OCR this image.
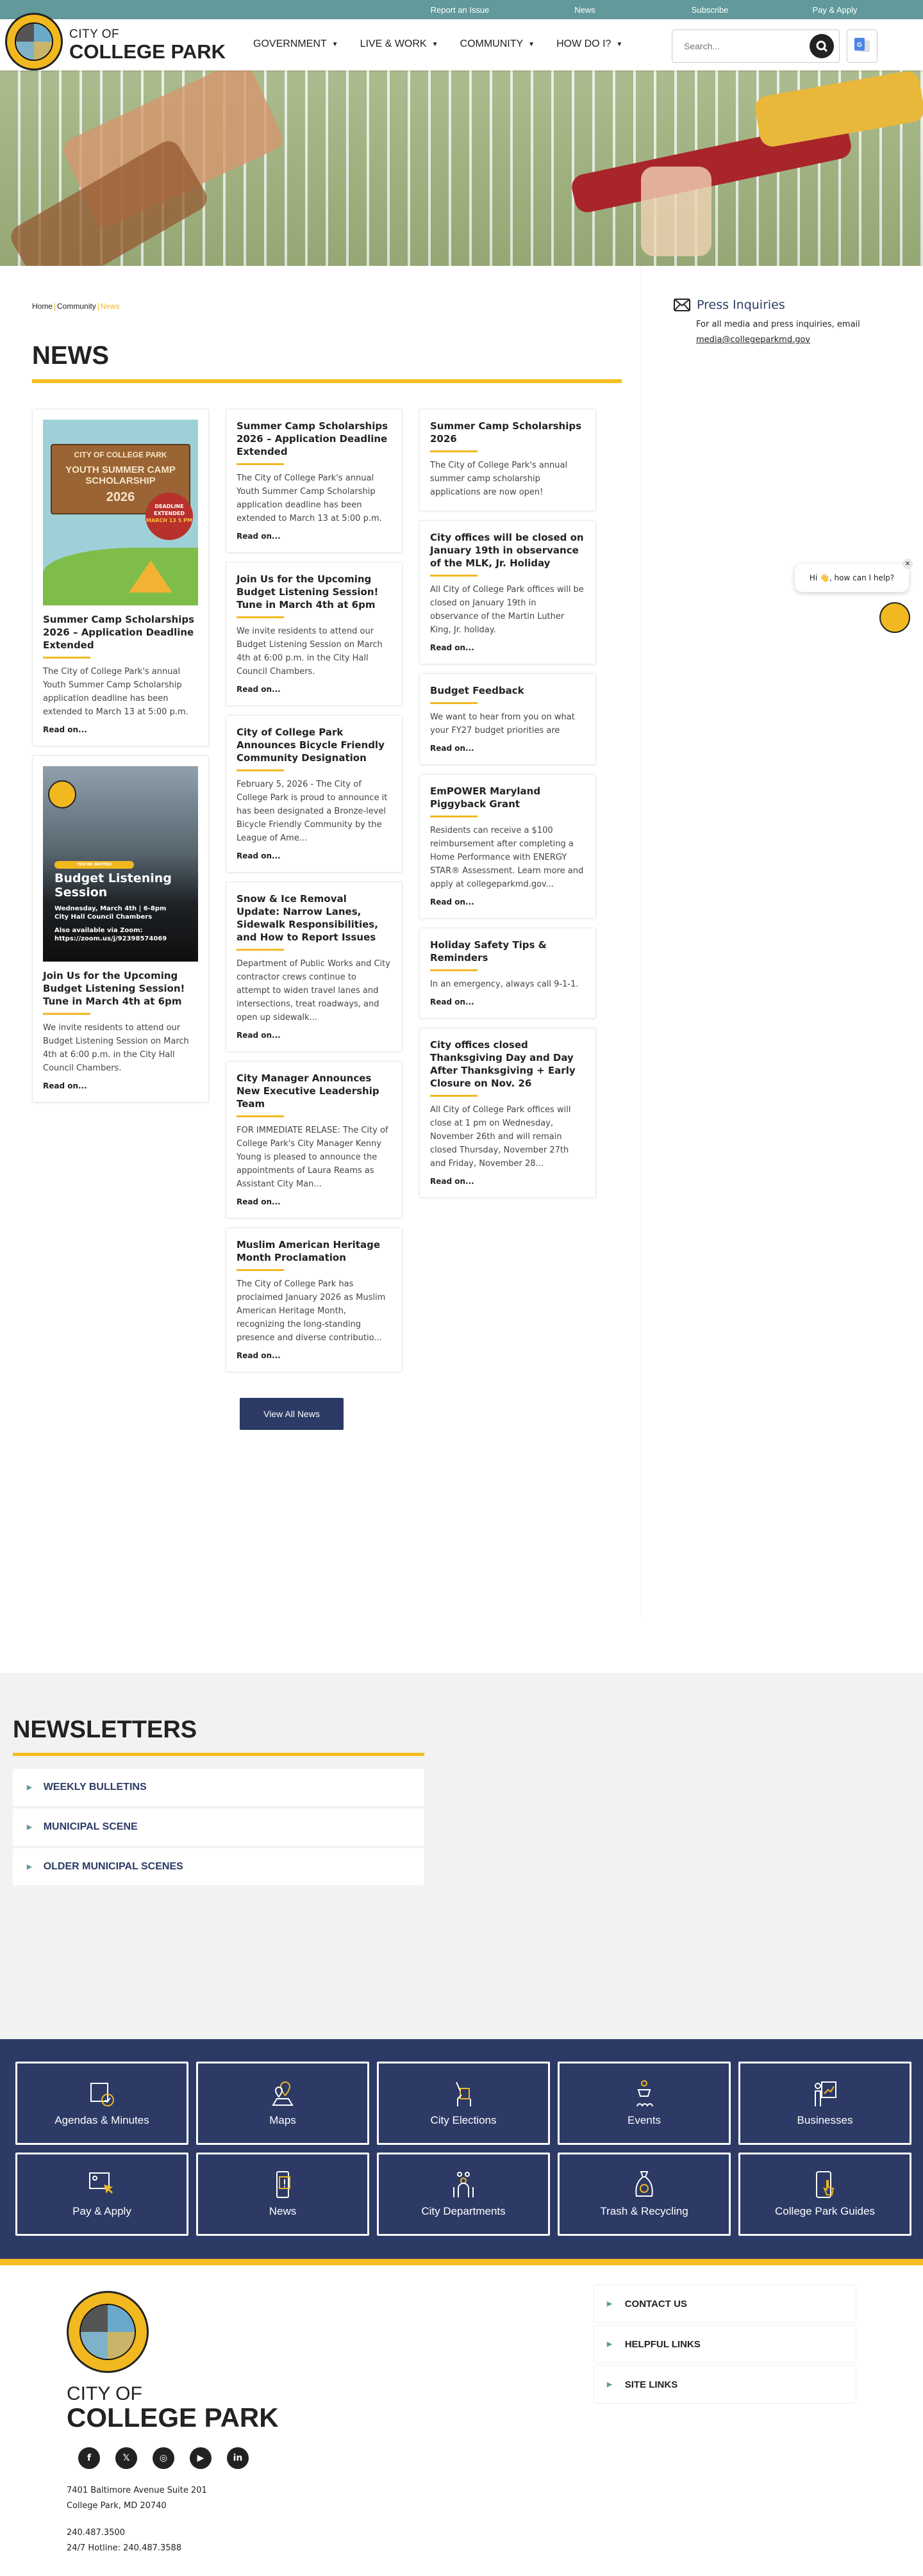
Report an Issue	News	Subscribe	Pay & Apply
CITY OF
COLLEGE PARK	GOVERNMENT ▼ LIVE & WORK ▼ COMMUNITY ▼ HOW DO I? ▼
Search...	G
Home Community News
NEWS
CITY OF COLLEGE PARK
YOUTH SUMMER CAMP
SCHOLARSHIP
2026
DEADLINE EXTENDED
MARCH 13 5 PM
Summer Camp Scholarships 2026 – Application Deadline Extended

The City of College Park's annual Youth Summer Camp Scholarship application deadline has been extended to March 13 at 5:00 p.m.

Read on...
YOU'RE INVITED
Budget Listening Session
Wednesday, March 4th | 6-8pm
City Hall Council Chambers
Also available via Zoom:
https://zoom.us/j/92398574069
Join Us for the Upcoming Budget Listening Session! Tune in March 4th at 6pm

We invite residents to attend our Budget Listening Session on March 4th at 6:00 p.m. in the City Hall Council Chambers.

Read on...
Summer Camp Scholarships 2026 – Application Deadline Extended

The City of College Park's annual Youth Summer Camp Scholarship application deadline has been extended to March 13 at 5:00 p.m.

Read on...
Join Us for the Upcoming Budget Listening Session! Tune in March 4th at 6pm

We invite residents to attend our Budget Listening Session on March 4th at 6:00 p.m. in the City Hall Council Chambers.

Read on...
City of College Park Announces Bicycle Friendly Community Designation

February 5, 2026 - The City of College Park is proud to announce it has been designated a Bronze-level Bicycle Friendly Community by the League of Ame...

Read on...
Snow & Ice Removal Update: Narrow Lanes, Sidewalk Responsibilities, and How to Report Issues

Department of Public Works and City contractor crews continue to attempt to widen travel lanes and intersections, treat roadways, and open up sidewalk...

Read on...
City Manager Announces New Executive Leadership Team

FOR IMMEDIATE RELASE: The City of College Park's City Manager Kenny Young is pleased to announce the appointments of Laura Reams as Assistant City Man...

Read on...
Muslim American Heritage Month Proclamation

The City of College Park has proclaimed January 2026 as Muslim American Heritage Month, recognizing the long-standing presence and diverse contributio...

Read on...
Summer Camp Scholarships 2026

The City of College Park's annual summer camp scholarship applications are now open!

City offices will be closed on January 19th in observance of the MLK, Jr. Holiday

All City of College Park offices will be closed on January 19th in observance of the Martin Luther King, Jr. holiday.

Read on...
Budget Feedback

We want to hear from you on what your FY27 budget priorities are

Read on...
EmPOWER Maryland Piggyback Grant

Residents can receive a $100 reimbursement after completing a Home Performance with ENERGY STAR® Assessment. Learn more and apply at collegeparkmd.gov...

Read on...
Holiday Safety Tips & Reminders

In an emergency, always call 9-1-1.

Read on...
City offices closed Thanksgiving Day and Day After Thanksgiving + Early Closure on Nov. 26

All City of College Park offices will close at 1 pm on Wednesday, November 26th and will remain closed Thursday, November 27th and Friday, November 28...

Read on...
View All News
Press Inquiries

For all media and press inquiries, email
media@collegeparkmd.gov

Hi 👋, how can I help?
✕
NEWSLETTERS
▶ WEEKLY BULLETINS
▶ MUNICIPAL SCENE
▶ OLDER MUNICIPAL SCENES
Agendas & Minutes	Maps	City Elections	Events	Businesses
Pay & Apply	News	City Departments	Trash & Recycling	College Park Guides
CITY OF
COLLEGE PARK
f	𝕏	◎	▶	in
7401 Baltimore Avenue Suite 201
College Park, MD 20740
240.487.3500
24/7 Hotline: 240.487.3588
▶ CONTACT US
▶ HELPFUL LINKS
▶ SITE LINKS
